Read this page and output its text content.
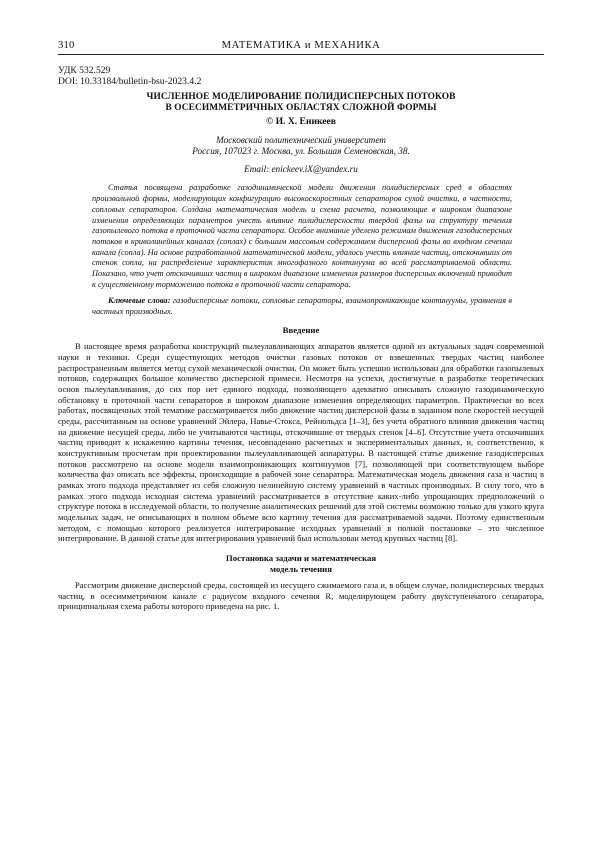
310	МАТЕМАТИКА и МЕХАНИКА
УДК 532.529
DOI: 10.33184/bulletin-bsu-2023.4.2
ЧИСЛЕННОЕ МОДЕЛИРОВАНИЕ ПОЛИДИСПЕРСНЫХ ПОТОКОВ
В ОСЕСИММЕТРИЧНЫХ ОБЛАСТЯХ СЛОЖНОЙ ФОРМЫ
© И. Х. Еникеев
Московский политехнический университет
Россия, 107023 г. Москва, ул. Большая Семеновская, 38.
Email: enickeev.iX@yandex.ru
Статья посвящена разработке газодинамической модели движения полидисперсных сред в областях произвольной формы, моделирующих конфигурацию высокоскоростных сепараторов сухой очистки, в частности, сопловых сепараторов. Создана математическая модель и схема расчета, позволяющие в широком диапазоне изменения определяющих параметров учесть влияние полидисперсности твердой фазы на структуру течения газопылевого потока в проточной части сепаратора. Особое внимание уделено режимам движения газодисперсных потоков в криволинейных каналах (соплах) с большим массовым содержанием дисперсной фазы во входном сечении канала (сопла). На основе разработанной математической модели, удалось учесть влияние частиц, отскочивших от стенок сопла, на распределение характеристик многофазного континуума во всей рассматриваемой области. Показано, что учет отскочивших частиц в широком диапазоне изменения размеров дисперсных включений приводит к существенному торможению потока в проточной части сепаратора.
Ключевые слова: газодисперсные потоки, сопловые сепараторы, взаимопроникающие континуумы, уравнения в частных производных.
Введение
В настоящее время разработка конструкций пылеулавливающих аппаратов является одной из актуальных задач современной науки и техники. Среди существующих методов очистки газовых потоков от взвешенных твердых частиц наиболее распространенным является метод сухой механической очистки. Он может быть успешно использован для обработки газопылевых потоков, содержащих большое количество дисперсной примеси. Несмотря на успехи, достигнутые в разработке теоретических основ пылеулавливания, до сих пор нет единого подхода, позволяющего адекватно описывать сложную газодинамическую обстановку в проточной части сепараторов в широком диапазоне изменения определяющих параметров. Практически во всех работах, посвященных этой тематике рассматривается либо движение частиц дисперсной фазы в заданном поле скоростей несущей среды, рассчитанным на основе уравнений Эйлера, Навье-Стокса, Рейнольдса [1–3], без учета обратного влияния движения частиц на движение несущей среды, либо не учитываются частицы, отскочившие от твердых стенок [4–6]. Отсутствие учета отскочивших частиц приводит к искажению картины течения, несовпадению расчетных и экспериментальных данных, и, соответственно, к конструктивным просчетам при проектировании пылеулавливающей аппаратуры. В настоящей статье движение газодисперсных потоков рассмотрено на основе модели взаимопроникающих континуумов [7], позволяющей при соответствующем выборе количества фаз описать все эффекты, происходящие в рабочей зоне сепаратора. Математическая модель движения газа и частиц в рамках этого подхода представляет из себя сложную нелинейную систему уравнений в частных производных. В силу того, что в рамках этого подхода исходная система уравнений рассматривается в отсутствие каких-либо упрощающих предположений о структуре потока в исследуемой области, то получение аналитических решений для этой системы возможно только для узкого круга модельных задач, не описывающих в полном объеме всю картину течения для рассматриваемой задачи. Поэтому единственным методом, с помощью которого реализуется интегрирование исходных уравнений в полной постановке – это численное интегрирование. В данной статье для интегрирования уравнений был использован метод крупных частиц [8].
Постановка задачи и математическая
модель течения
Рассмотрим движение дисперсной среды, состоящей из несущего сжимаемого газа и, в общем случае, полидисперсных твердых частиц, в осесимметричном канале с радиусом входного сечения R, моделирующем работу двухступенчатого сепаратора, принципиальная схема работы которого приведена на рис. 1.
